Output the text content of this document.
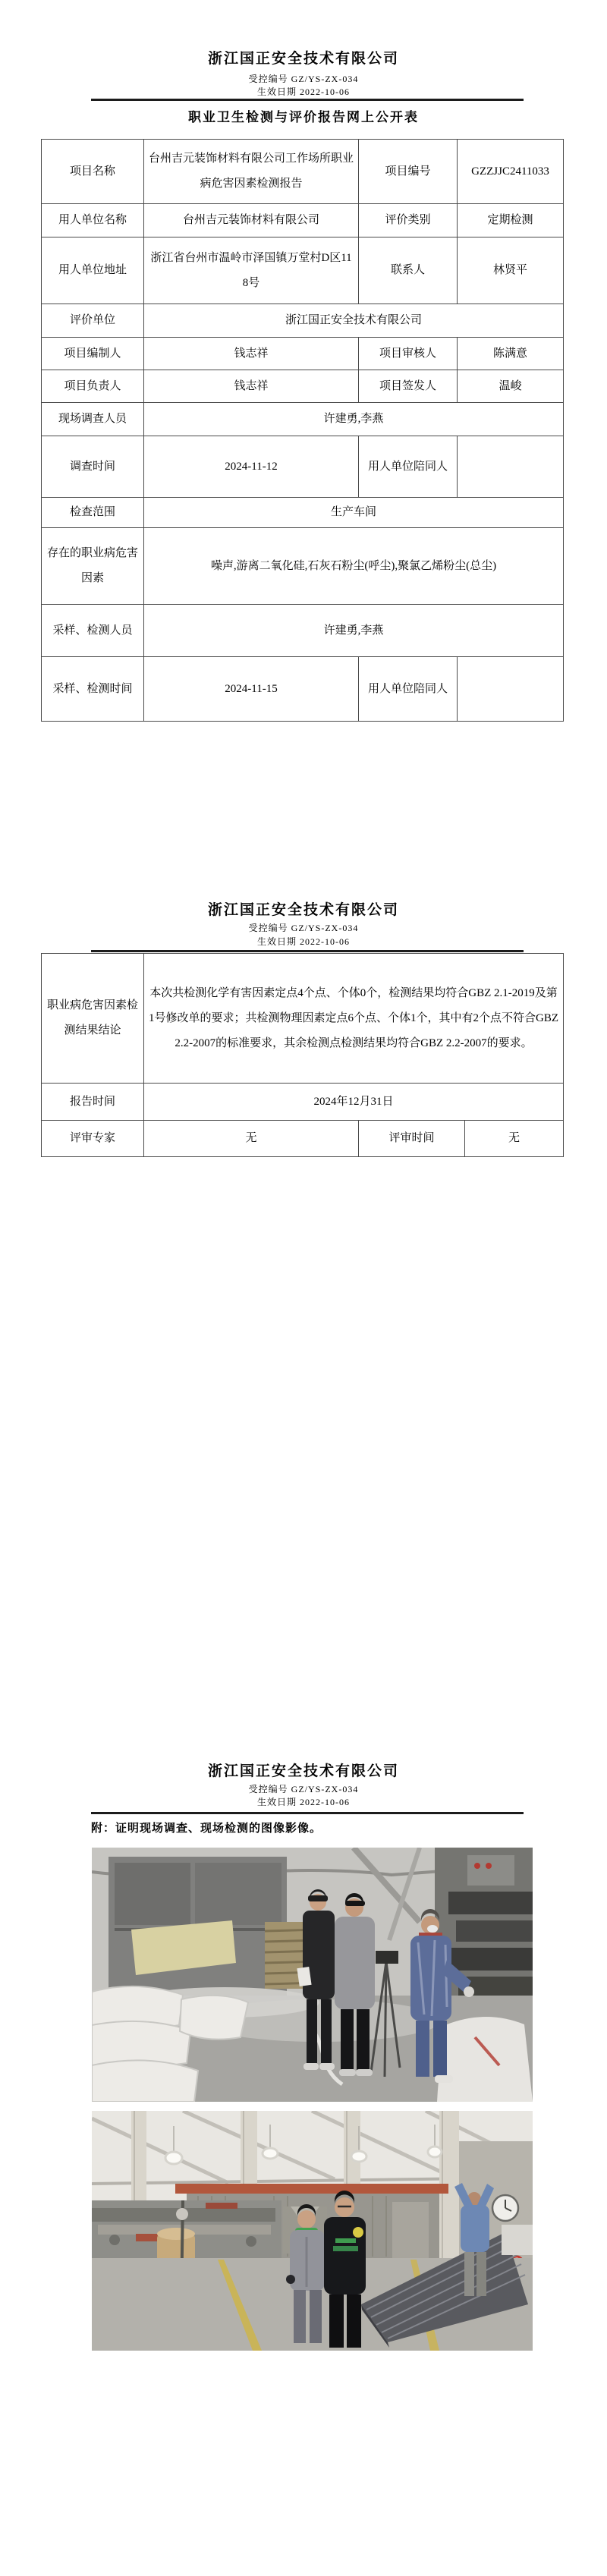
浙江国正安全技术有限公司
受控编号 GZ/YS-ZX-034
生效日期 2022-10-06
职业卫生检测与评价报告网上公开表
项目名称	台州吉元装饰材料有限公司工作场所职业病危害因素检测报告	项目编号	GZZJJC2411033
用人单位名称	台州吉元装饰材料有限公司	评价类别	定期检测
用人单位地址	浙江省台州市温岭市泽国镇万堂村D区118号	联系人	林贤平
评价单位	浙江国正安全技术有限公司		
项目编制人	钱志祥	项目审核人	陈满意
项目负责人	钱志祥	项目签发人	温峻
现场调查人员	许建勇,李燕		
调查时间	2024-11-12	用人单位陪同人	
检查范围	生产车间		
存在的职业病危害因素	噪声,游离二氧化硅,石灰石粉尘(呼尘),聚氯乙烯粉尘(总尘)		
采样、检测人员	许建勇,李燕		
采样、检测时间	2024-11-15	用人单位陪同人	
浙江国正安全技术有限公司
受控编号 GZ/YS-ZX-034
生效日期 2022-10-06
职业病危害因素检测结果结论	本次共检测化学有害因素定点4个点、个体0个，检测结果均符合GBZ 2.1-2019及第1号修改单的要求；共检测物理因素定点6个点、个体1个，其中有2个点不符合GBZ 2.2-2007的标准要求，其余检测点检测结果均符合GBZ 2.2-2007的要求。		
报告时间	2024年12月31日		
评审专家	无	评审时间	无
浙江国正安全技术有限公司
受控编号 GZ/YS-ZX-034
生效日期 2022-10-06
附：证明现场调查、现场检测的图像影像。
